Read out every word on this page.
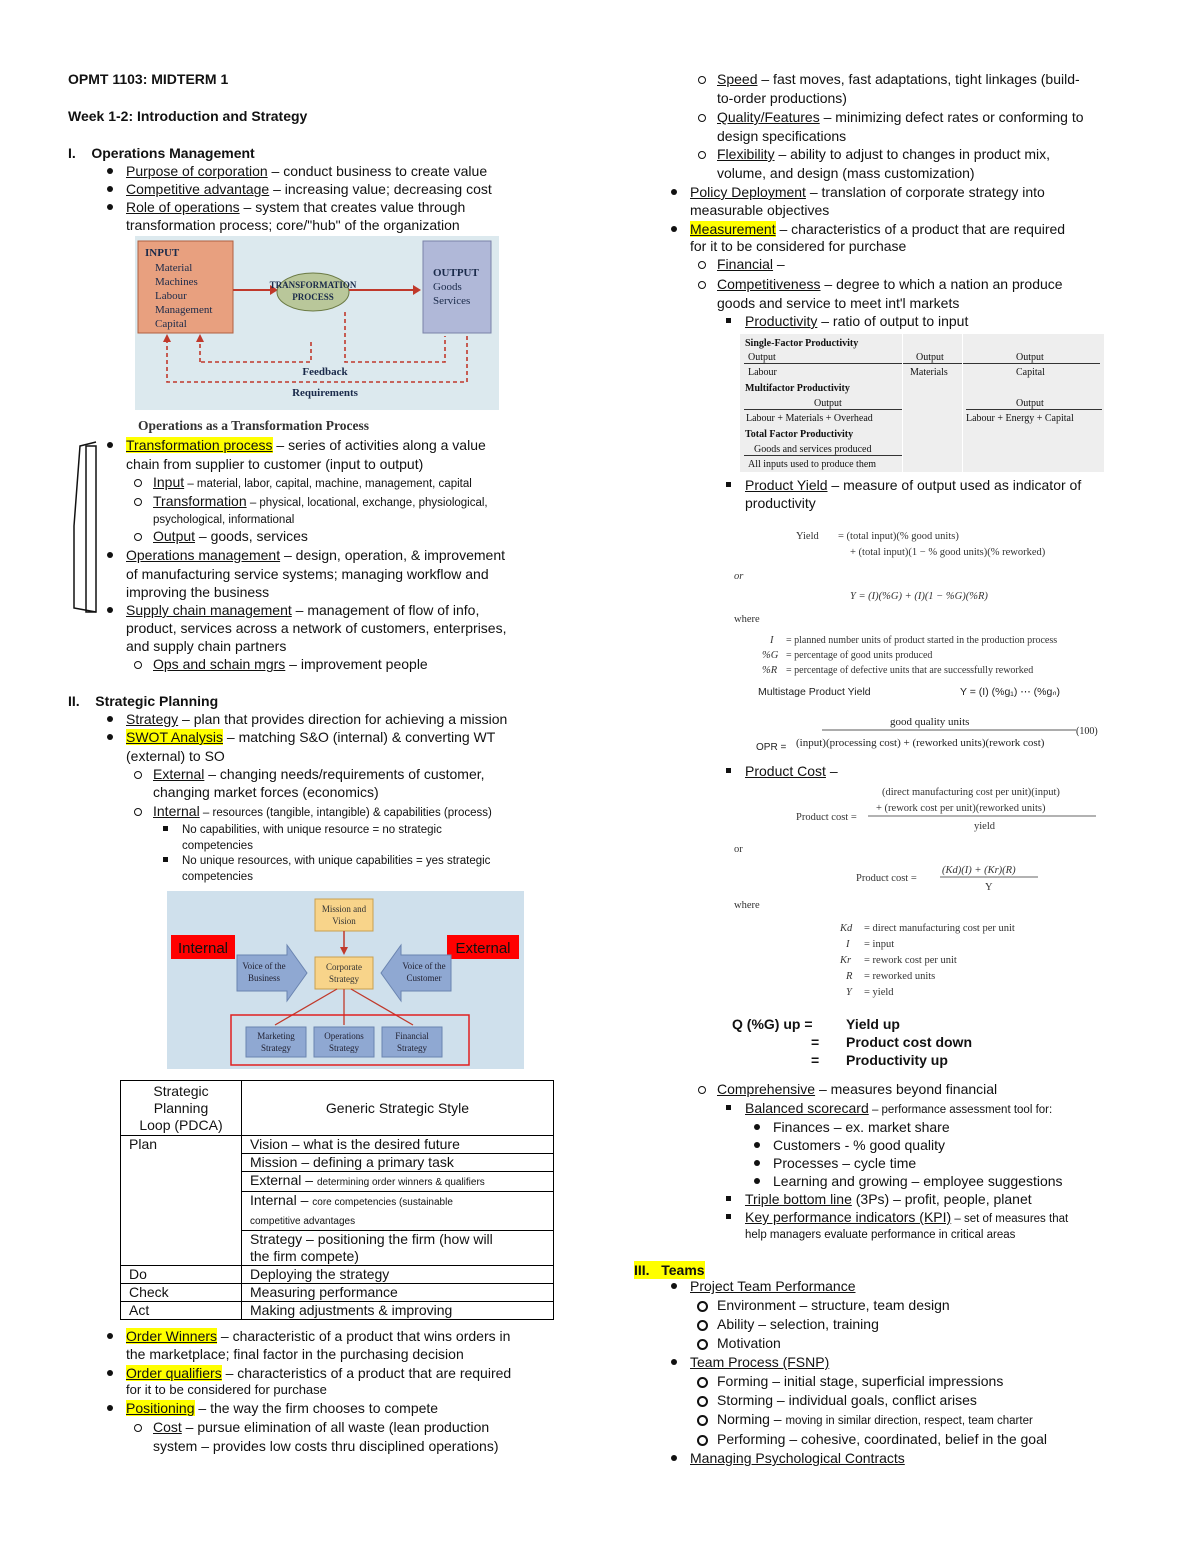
OPMT 1103: MIDTERM 1
Week 1-2: Introduction and Strategy
I.    Operations Management
Purpose of corporation – conduct business to create value
Competitive advantage – increasing value; decreasing cost
Role of operations – system that creates value through
transformation process; core/"hub" of the organization
INPUT
Material
Machines
Labour
Management
Capital
TRANSFORMATION
PROCESS
OUTPUT
Goods
Services
Feedback
Requirements
Operations as a Transformation Process
Transformation process – series of activities along a value
chain from supplier to customer (input to output)
Input – material, labor, capital, machine, management, capital
Transformation – physical, locational, exchange, physiological,
psychological, informational
Output – goods, services
Operations management – design, operation, & improvement
of manufacturing service systems; managing workflow and
improving the business
Supply chain management – management of flow of info,
product, services across a network of customers, enterprises,
and supply chain partners
Ops and schain mgrs – improvement people
II.    Strategic Planning
Strategy – plan that provides direction for achieving a mission
SWOT Analysis – matching S&O (internal) & converting WT
(external) to SO
External – changing needs/requirements of customer,
changing market forces (economics)
Internal – resources (tangible, intangible) & capabilities (process)
No capabilities, with unique resource = no strategic
competencies
No unique resources, with unique capabilities = yes strategic
competencies
Mission and
Vision
Internal	External
Voice of the
Business
Corporate
Strategy
Voice of the
Customer
Marketing
Strategy
Operations
Strategy
Financial
Strategy
Strategic
Planning
Loop (PDCA)	Generic Strategic Style
Plan	Vision – what is the desired future
	Mission – defining a primary task
	External – determining order winners & qualifiers
	Internal – core competencies (sustainable
competitive advantages

	Strategy – positioning the firm (how will
the firm compete)

Do	Deploying the strategy
Check	Measuring performance
Act	Making adjustments & improving
Order Winners – characteristic of a product that wins orders in
the marketplace; final factor in the purchasing decision
Order qualifiers – characteristics of a product that are required
for it to be considered for purchase
Positioning – the way the firm chooses to compete
Cost – pursue elimination of all waste (lean production
system – provides low costs thru disciplined operations)
Speed – fast moves, fast adaptations, tight linkages (build-
to-order productions)
Quality/Features – minimizing defect rates or conforming to
design specifications
Flexibility – ability to adjust to changes in product mix,
volume, and design (mass customization)
Policy Deployment – translation of corporate strategy into
measurable objectives
Measurement – characteristics of a product that are required
for it to be considered for purchase
Financial –
Competitiveness – degree to which a nation an produce
goods and service to meet int'l markets
Productivity – ratio of output to input
Single-Factor Productivity
Output	Output	Output
Labour	Materials	Capital
Multifactor Productivity
Output	Output
Labour + Materials + Overhead	Labour + Energy + Capital
Total Factor Productivity
Goods and services produced
All inputs used to produce them
Product Yield – measure of output used as indicator of
productivity
Yield = (total input)(% good units)
+ (total input)(1 − % good units)(% reworked)
or
Y = (I)(%G) + (I)(1 − %G)(%R)
where
I = planned number units of product started in the production process
%G = percentage of good units produced
%R = percentage of defective units that are successfully reworked
Multistage Product Yield	Y = (I) (%g₁) ⋯ (%gₙ)
good quality units
OPR = (input)(processing cost) + (reworked units)(rework cost)
(100)
Product Cost –
(direct manufacturing cost per unit)(input)
+ (rework cost per unit)(reworked units)
Product cost =
yield
or
Product cost =
(Kd)(I) + (Kr)(R)
Y
where
Kd = direct manufacturing cost per unit
I = input
Kr = rework cost per unit
R = reworked units
Y = yield
Q (%G) up = Yield up
= Product cost down
= Productivity up
Comprehensive – measures beyond financial
Balanced scorecard – performance assessment tool for:
Finances – ex. market share
Customers - % good quality
Processes – cycle time
Learning and growing – employee suggestions
Triple bottom line (3Ps) – profit, people, planet
Key performance indicators (KPI) – set of measures that
help managers evaluate performance in critical areas
III.   Teams
Project Team Performance
Environment – structure, team design
Ability – selection, training
Motivation
Team Process (FSNP)
Forming – initial stage, superficial impressions
Storming – individual goals, conflict arises
Norming – moving in similar direction, respect, team charter
Performing – cohesive, coordinated, belief in the goal
Managing Psychological Contracts
